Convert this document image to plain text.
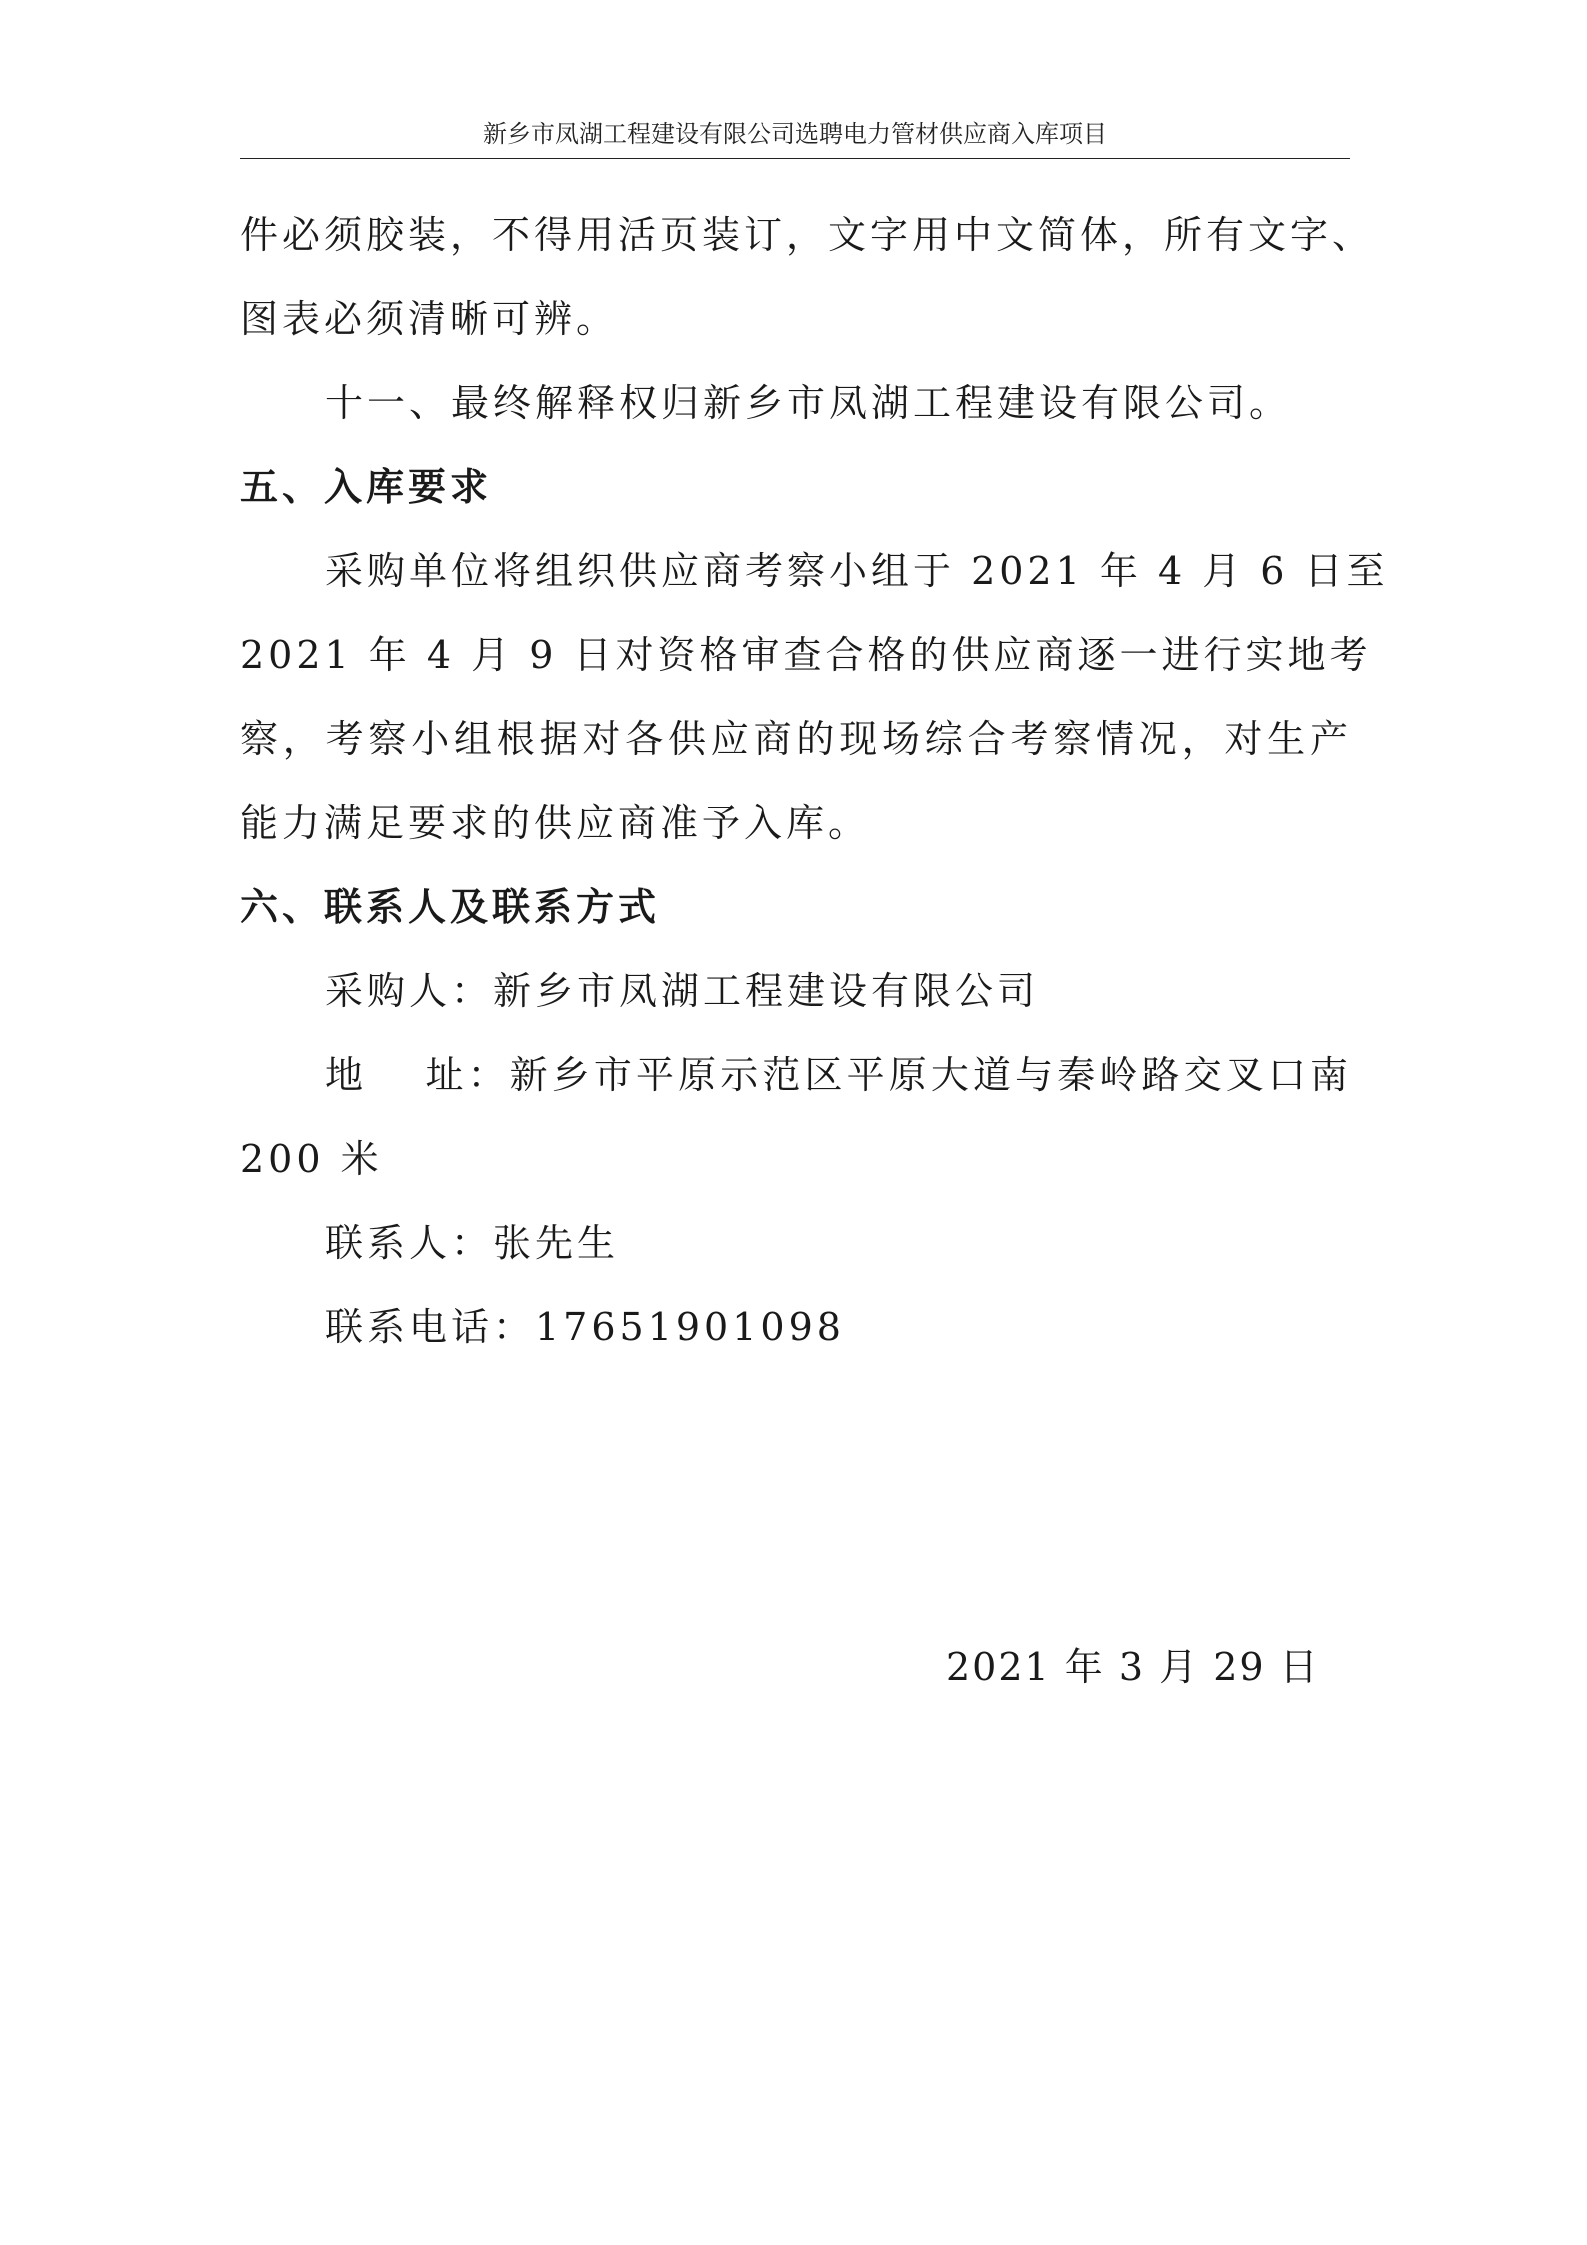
新乡市凤湖工程建设有限公司选聘电力管材供应商入库项目
件必须胶装，不得用活页装订，文字用中文简体，所有文字、
图表必须清晰可辨。
十一、最终解释权归新乡市凤湖工程建设有限公司。
五、入库要求
采购单位将组织供应商考察小组于 2021 年 4 月 6 日至
2021 年 4 月 9 日对资格审查合格的供应商逐一进行实地考
察，考察小组根据对各供应商的现场综合考察情况，对生产
能力满足要求的供应商准予入库。
六、联系人及联系方式
采购人：新乡市凤湖工程建设有限公司
地　 址：新乡市平原示范区平原大道与秦岭路交叉口南
200 米
联系人：张先生
联系电话：17651901098
2021 年 3 月 29 日
